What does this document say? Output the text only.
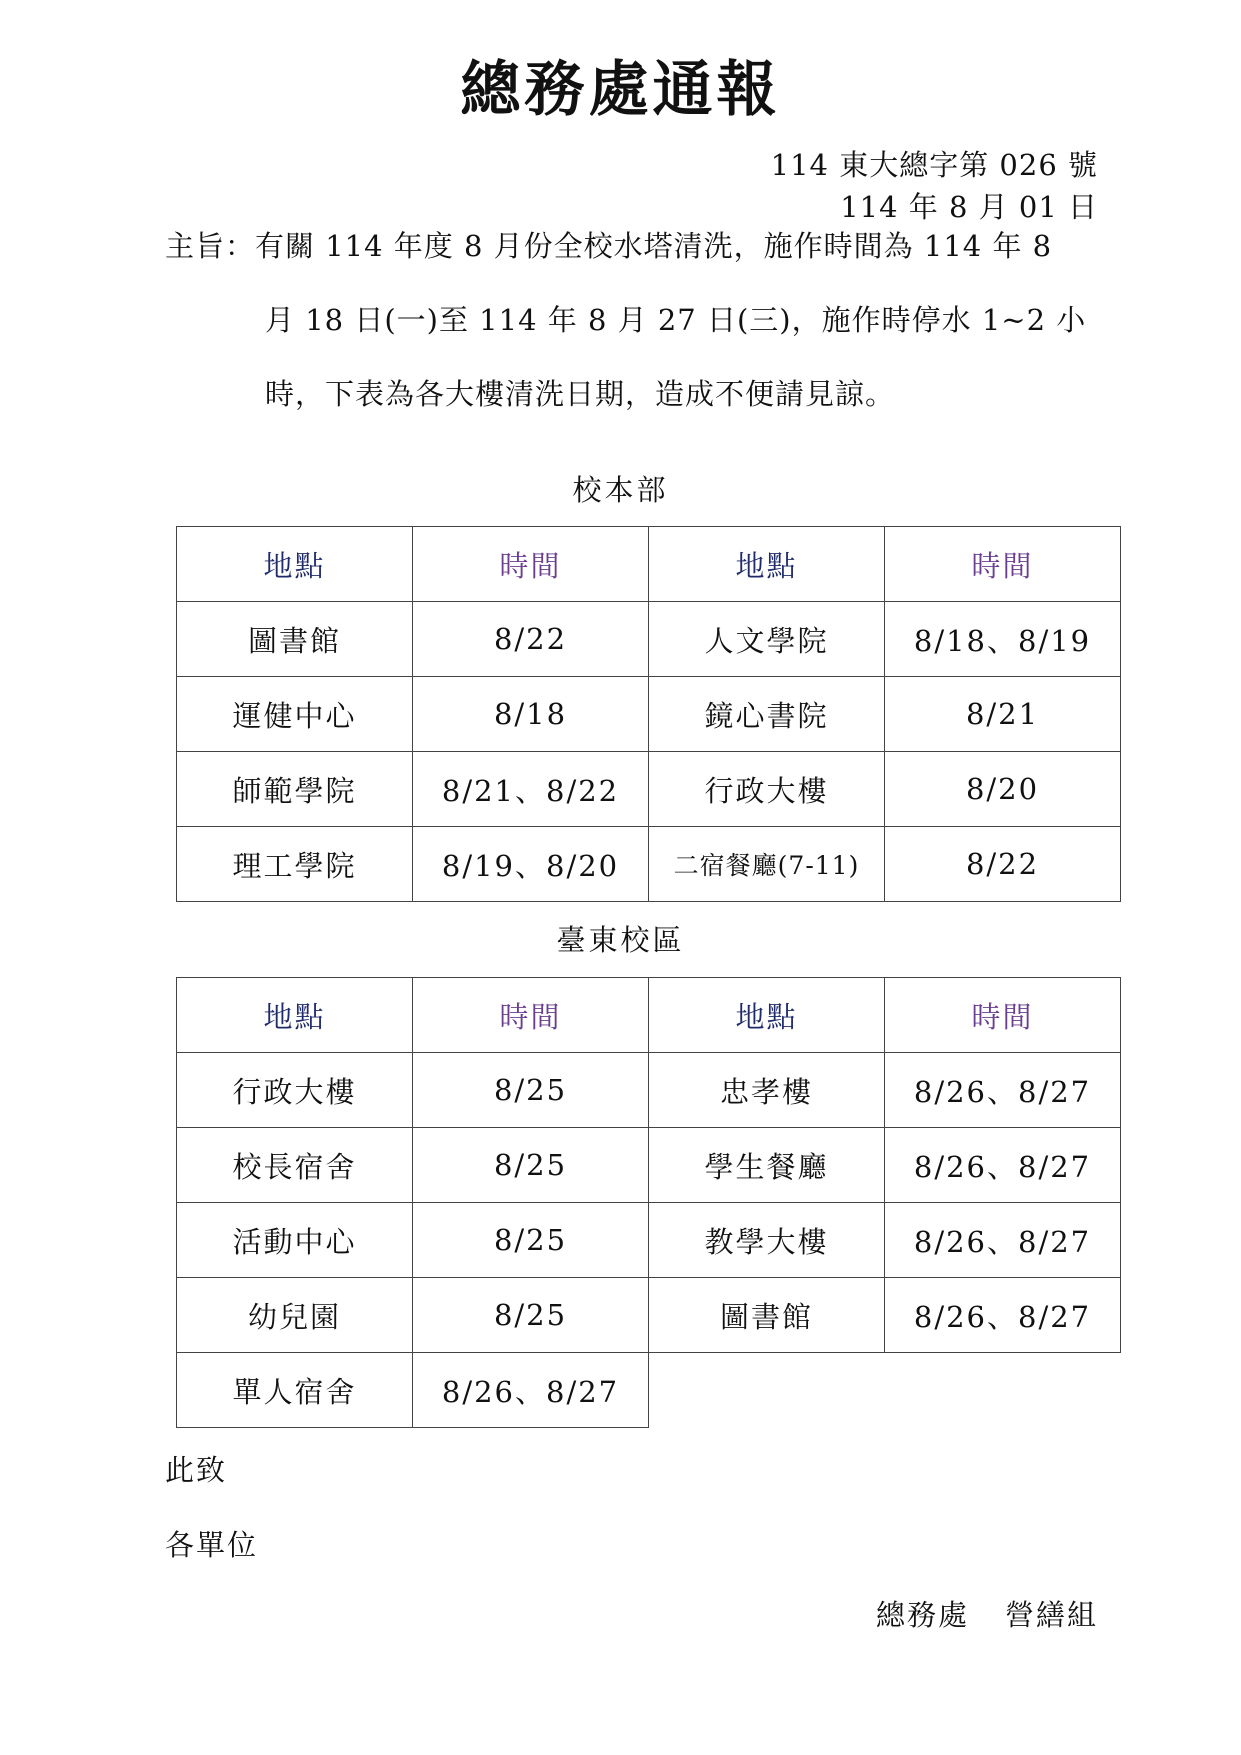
總務處通報
114 東大總字第 026 號
114 年 8 月 01 日
主旨：有關 114 年度 8 月份全校水塔清洗，施作時間為 114 年 8
月 18 日(一)至 114 年 8 月 27 日(三)，施作時停水 1~2 小
時，下表為各大樓清洗日期，造成不便請見諒。
校本部
地點	時間	地點	時間
圖書館	8/22	人文學院	8/18、8/19
運健中心	8/18	鏡心書院	8/21
師範學院	8/21、8/22	行政大樓	8/20
理工學院	8/19、8/20	二宿餐廳(7-11)	8/22
臺東校區
地點	時間	地點	時間
行政大樓	8/25	忠孝樓	8/26、8/27
校長宿舍	8/25	學生餐廳	8/26、8/27
活動中心	8/25	教學大樓	8/26、8/27
幼兒園	8/25	圖書館	8/26、8/27
單人宿舍	8/26、8/27		
此致
各單位
總務處 營繕組
